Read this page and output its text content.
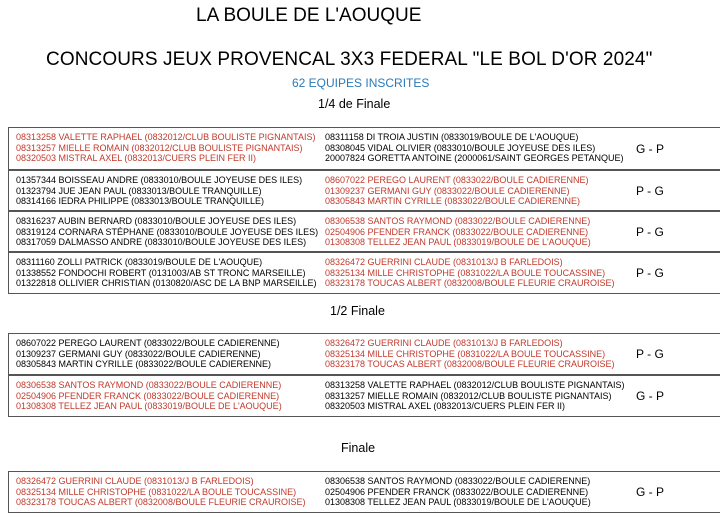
LA BOULE DE L'AOUQUE
CONCOURS JEUX PROVENCAL 3X3 FEDERAL "LE BOL D'OR 2024"
62 EQUIPES INSCRITES
1/4 de Finale
1/2 Finale
Finale
08313258 VALETTE RAPHAEL (0832012/CLUB BOULISTE PIGNANTAIS)
08313257 MIELLE ROMAIN (0832012/CLUB BOULISTE PIGNANTAIS)
08320503 MISTRAL AXEL (0832013/CUERS PLEIN FER II)
08311158 DI TROIA JUSTIN (0833019/BOULE DE L'AOUQUE)
08308045 VIDAL OLIVIER (0833010/BOULE JOYEUSE DES ILES)
20007824 GORETTA ANTOINE (2000061/SAINT GEORGES PETANQUE)
G - P
01357344 BOISSEAU ANDRE (0833010/BOULE JOYEUSE DES ILES)
01323794 JUE JEAN PAUL (0833013/BOULE TRANQUILLE)
08314166 IEDRA PHILIPPE (0833013/BOULE TRANQUILLE)
08607022 PEREGO LAURENT (0833022/BOULE CADIERENNE)
01309237 GERMANI GUY (0833022/BOULE CADIERENNE)
08305843 MARTIN CYRILLE (0833022/BOULE CADIERENNE)
P - G
08316237 AUBIN BERNARD (0833010/BOULE JOYEUSE DES ILES)
08319124 CORNARA STÉPHANE (0833010/BOULE JOYEUSE DES ILES)
08317059 DALMASSO ANDRE (0833010/BOULE JOYEUSE DES ILES)
08306538 SANTOS RAYMOND (0833022/BOULE CADIERENNE)
02504906 PFENDER FRANCK (0833022/BOULE CADIERENNE)
01308308 TELLEZ JEAN PAUL (0833019/BOULE DE L'AOUQUE)
P - G
08311160 ZOLLI PATRICK (0833019/BOULE DE L'AOUQUE)
01338552 FONDOCHI ROBERT (0131003/AB ST TRONC MARSEILLE)
01322818 OLLIVIER CHRISTIAN (0130820/ASC DE LA BNP MARSEILLE)
08326472 GUERRINI CLAUDE (0831013/J B FARLEDOIS)
08325134 MILLE CHRISTOPHE (0831022/LA BOULE TOUCASSINE)
08323178 TOUCAS ALBERT (0832008/BOULE FLEURIE CRAUROISE)
P - G
08607022 PEREGO LAURENT (0833022/BOULE CADIERENNE)
01309237 GERMANI GUY (0833022/BOULE CADIERENNE)
08305843 MARTIN CYRILLE (0833022/BOULE CADIERENNE)
08326472 GUERRINI CLAUDE (0831013/J B FARLEDOIS)
08325134 MILLE CHRISTOPHE (0831022/LA BOULE TOUCASSINE)
08323178 TOUCAS ALBERT (0832008/BOULE FLEURIE CRAUROISE)
P - G
08306538 SANTOS RAYMOND (0833022/BOULE CADIERENNE)
02504906 PFENDER FRANCK (0833022/BOULE CADIERENNE)
01308308 TELLEZ JEAN PAUL (0833019/BOULE DE L'AOUQUE)
08313258 VALETTE RAPHAEL (0832012/CLUB BOULISTE PIGNANTAIS)
08313257 MIELLE ROMAIN (0832012/CLUB BOULISTE PIGNANTAIS)
08320503 MISTRAL AXEL (0832013/CUERS PLEIN FER II)
G - P
08326472 GUERRINI CLAUDE (0831013/J B FARLEDOIS)
08325134 MILLE CHRISTOPHE (0831022/LA BOULE TOUCASSINE)
08323178 TOUCAS ALBERT (0832008/BOULE FLEURIE CRAUROISE)
08306538 SANTOS RAYMOND (0833022/BOULE CADIERENNE)
02504906 PFENDER FRANCK (0833022/BOULE CADIERENNE)
01308308 TELLEZ JEAN PAUL (0833019/BOULE DE L'AOUQUE)
G - P
